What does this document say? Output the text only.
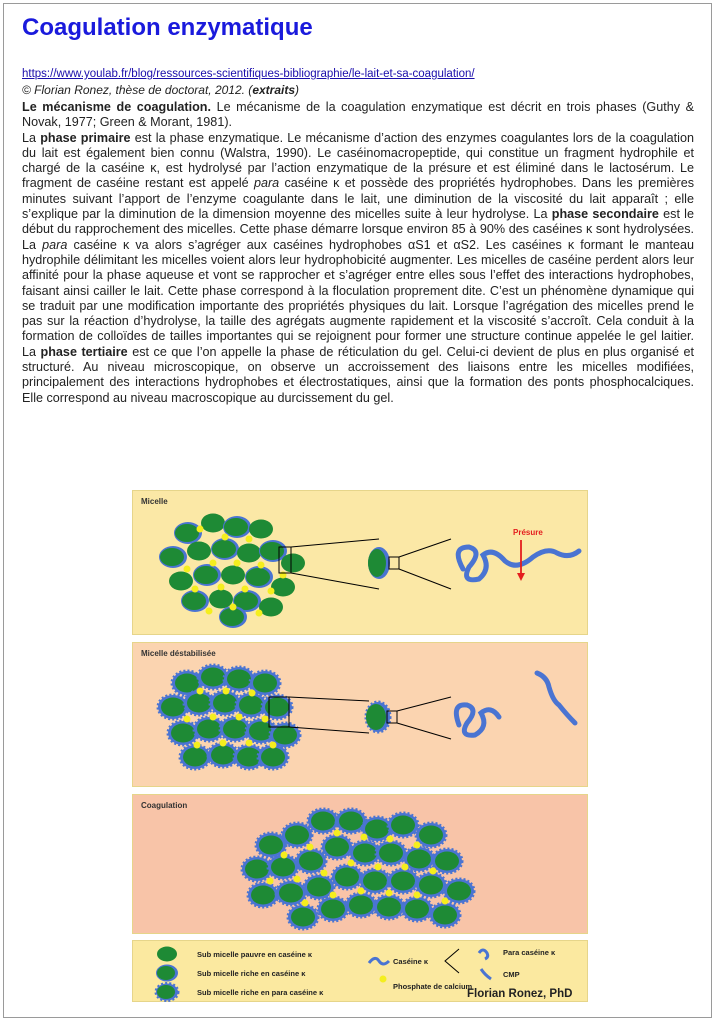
Coagulation enzymatique
https://www.youlab.fr/blog/ressources-scientifiques-bibliographie/le-lait-et-sa-coagulation/
© Florian Ronez, thèse de doctorat, 2012. (extraits)

Le mécanisme de coagulation. Le mécanisme de la coagulation enzymatique est décrit en trois phases (Guthy & Novak, 1977; Green & Morant, 1981).

La phase primaire est la phase enzymatique. Le mécanisme d’action des enzymes coagulantes lors de la coagulation du lait est également bien connu (Walstra, 1990). Le caséinomacropeptide, qui constitue un fragment hydrophile et chargé de la caséine κ, est hydrolysé par l’action enzymatique de la présure et est éliminé dans le lactosérum. Le fragment de caséine restant est appelé para caséine κ et possède des propriétés hydrophobes. Dans les premières minutes suivant l’apport de l’enzyme coagulante dans le lait, une diminution de la viscosité du lait apparaît ; elle s’explique par la diminution de la dimension moyenne des micelles suite à leur hydrolyse. La phase secondaire est le début du rapprochement des micelles. Cette phase démarre lorsque environ 85 à 90% des caséines κ sont hydrolysées. La para caséine κ va alors s’agréger aux caséines hydrophobes αS1 et αS2. Les caséines κ formant le manteau hydrophile délimitant les micelles voient alors leur hydrophobicité augmenter. Les micelles de caséine perdent alors leur affinité pour la phase aqueuse et vont se rapprocher et s’agréger entre elles sous l’effet des interactions hydrophobes, faisant ainsi cailler le lait. Cette phase correspond à la floculation proprement dite. C’est un phénomène dynamique qui se traduit par une modification importante des propriétés physiques du lait. Lorsque l’agrégation des micelles prend le pas sur la réaction d’hydrolyse, la taille des agrégats augmente rapidement et la viscosité s’accroît. Cela conduit à la formation de colloïdes de tailles importantes qui se rejoignent pour former une structure continue appelée le gel laitier. La phase tertiaire est ce que l’on appelle la phase de réticulation du gel. Celui-ci devient de plus en plus organisé et structuré. Au niveau microscopique, on observe un accroissement des liaisons entre les micelles modifiées, principalement des interactions hydrophobes et électrostatiques, ainsi que la formation des ponts phosphocalciques. Elle correspond au niveau macroscopique au durcissement du gel.

Micelle
Présure
Micelle déstabilisée
Coagulation
Sub micelle pauvre en caséine κ
Sub micelle riche en caséine κ
Sub micelle riche en para caséine κ
Caséine κ
Para caséine κ
CMP
Phosphate de calcium
Florian Ronez, PhD
